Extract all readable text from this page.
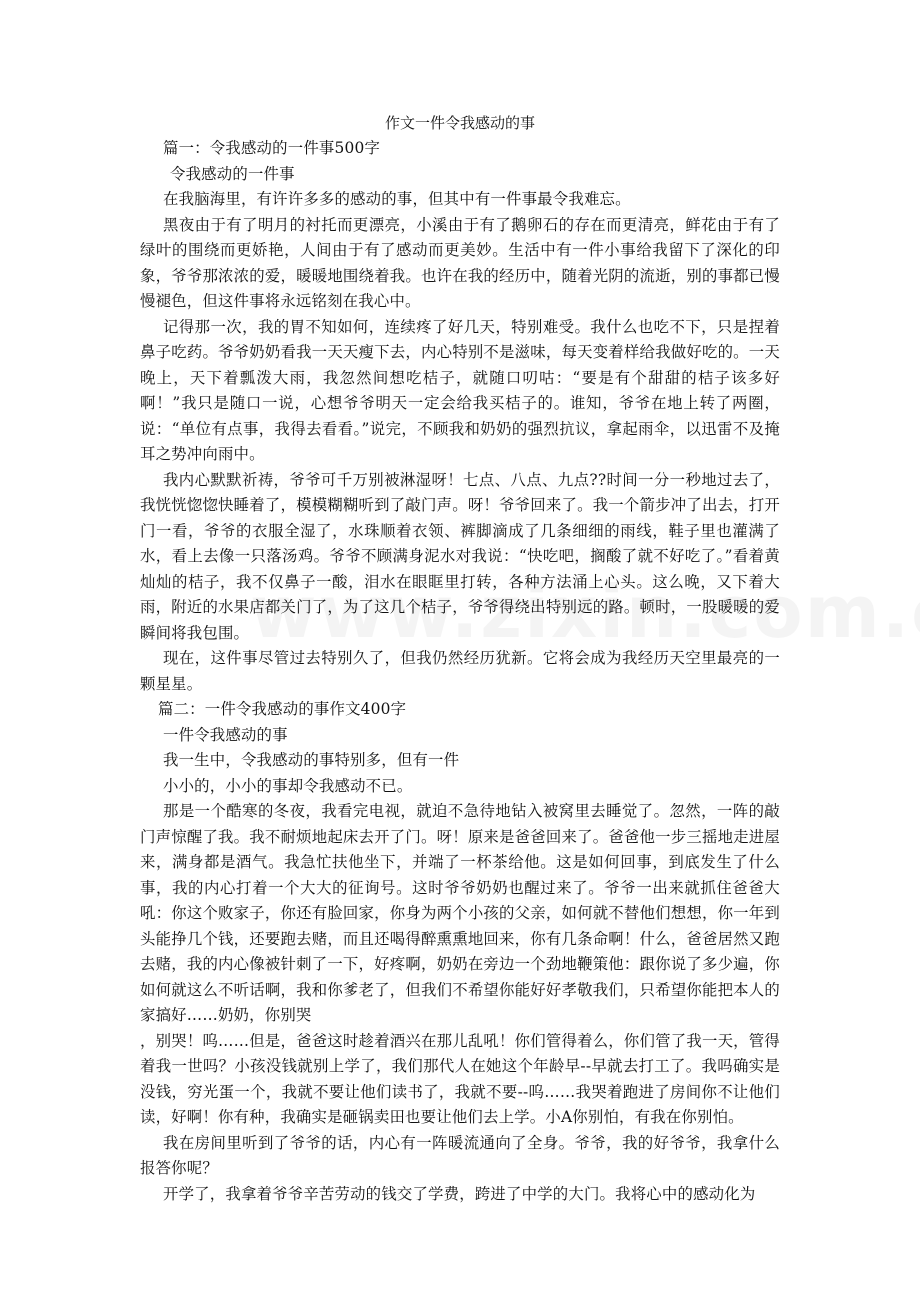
作文一件令我感动的事

篇一：令我感动的一件事500字

令我感动的一件事

在我脑海里，有许许多多的感动的事，但其中有一件事最令我难忘。

黑夜由于有了明月的衬托而更漂亮，小溪由于有了鹅卵石的存在而更清亮，鲜花由于有了绿叶的围绕而更娇艳，人间由于有了感动而更美妙。生活中有一件小事给我留下了深化的印象，爷爷那浓浓的爱，暖暖地围绕着我。也许在我的经历中，随着光阴的流逝，别的事都已慢慢褪色，但这件事将永远铭刻在我心中。

记得那一次，我的胃不知如何，连续疼了好几天，特别难受。我什么也吃不下，只是捏着鼻子吃药。爷爷奶奶看我一天天瘦下去，内心特别不是滋味，每天变着样给我做好吃的。一天晚上，天下着瓢泼大雨，我忽然间想吃桔子，就随口叨咕：“要是有个甜甜的桔子该多好啊！”我只是随口一说，心想爷爷明天一定会给我买桔子的。谁知，爷爷在地上转了两圈，说：“单位有点事，我得去看看。”说完，不顾我和奶奶的强烈抗议，拿起雨伞，以迅雷不及掩耳之势冲向雨中。

我内心默默祈祷，爷爷可千万别被淋湿呀！七点、八点、九点??时间一分一秒地过去了，我恍恍惚惚快睡着了，模模糊糊听到了敲门声。呀！爷爷回来了。我一个箭步冲了出去，打开门一看，爷爷的衣服全湿了，水珠顺着衣领、裤脚滴成了几条细细的雨线，鞋子里也灌满了水，看上去像一只落汤鸡。爷爷不顾满身泥水对我说：“快吃吧，搁酸了就不好吃了。”看着黄灿灿的桔子，我不仅鼻子一酸，泪水在眼眶里打转，各种方法涌上心头。这么晚，又下着大雨，附近的水果店都关门了，为了这几个桔子，爷爷得绕出特别远的路。顿时，一股暖暖的爱瞬间将我包围。

现在，这件事尽管过去特别久了，但我仍然经历犹新。它将会成为我经历天空里最亮的一颗星星。

篇二：一件令我感动的事作文400字

一件令我感动的事

我一生中，令我感动的事特别多，但有一件

小小的，小小的事却令我感动不已。

那是一个酷寒的冬夜，我看完电视，就迫不急待地钻入被窝里去睡觉了。忽然，一阵的敲门声惊醒了我。我不耐烦地起床去开了门。呀！原来是爸爸回来了。爸爸他一步三摇地走进屋来，满身都是酒气。我急忙扶他坐下，并端了一杯茶给他。这是如何回事，到底发生了什么事，我的内心打着一个大大的征询号。这时爷爷奶奶也醒过来了。爷爷一出来就抓住爸爸大吼：你这个败家子，你还有脸回家，你身为两个小孩的父亲，如何就不替他们想想，你一年到头能挣几个钱，还要跑去赌，而且还喝得醉熏熏地回来，你有几条命啊！什么，爸爸居然又跑去赌，我的内心像被针刺了一下，好疼啊，奶奶在旁边一个劲地鞭策他：跟你说了多少遍，你如何就这么不听话啊，我和你爹老了，但我们不希望你能好好孝敬我们，只希望你能把本人的家搞好……奶奶，你别哭

，别哭！呜……但是，爸爸这时趁着酒兴在那儿乱吼！你们管得着么，你们管了我一天，管得着我一世吗？小孩没钱就别上学了，我们那代人在她这个年龄早--早就去打工了。我吗确实是没钱，穷光蛋一个，我就不要让他们读书了，我就不要--呜……我哭着跑进了房间你不让他们读，好啊！你有种，我确实是砸锅卖田也要让他们去上学。小A你别怕，有我在你别怕。

我在房间里听到了爷爷的话，内心有一阵暖流通向了全身。爷爷，我的好爷爷，我拿什么报答你呢？

开学了，我拿着爷爷辛苦劳动的钱交了学费，跨进了中学的大门。我将心中的感动化为
